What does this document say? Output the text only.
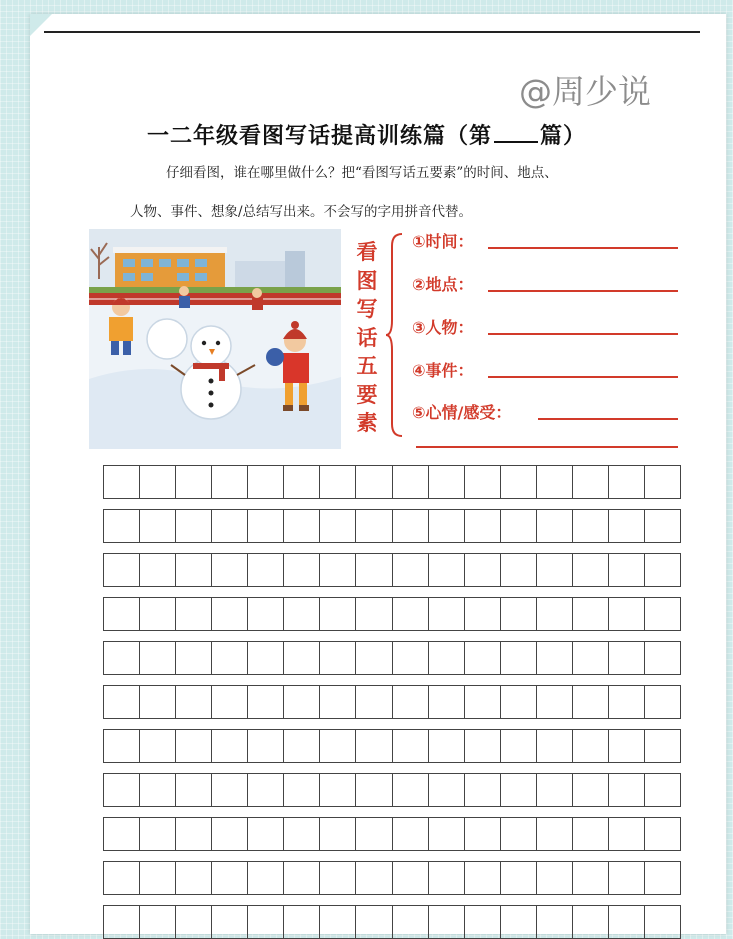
@周少说
一二年级看图写话提高训练篇（第 篇）
仔细看图，谁在哪里做什么？把“看图写话五要素”的时间、地点、
人物、事件、想象/总结写出来。不会写的字用拼音代替。
看
图
写
话
五
要
素
①时间：
②地点：
③人物：
④事件：
⑤心情/感受：
